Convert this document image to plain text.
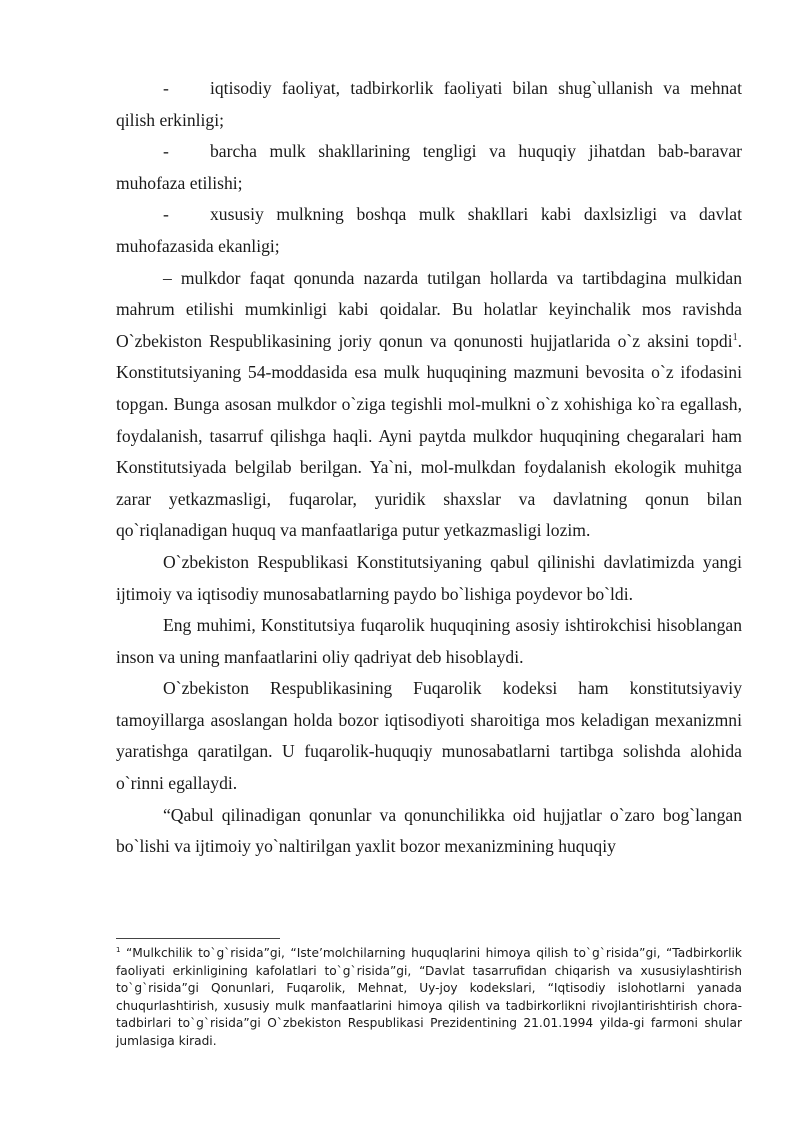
- iqtisodiy faoliyat, tadbirkorlik faoliyati bilan shug`ullanish va mehnat qilish erkinligi;

- barcha mulk shakllarining tengligi va huquqiy jihatdan bab-baravar muhofaza etilishi;

- xususiy mulkning boshqa mulk shakllari kabi daxlsizligi va davlat muhofazasida ekanligi;

– mulkdor faqat qonunda nazarda tutilgan hollarda va tartibdagina mulkidan mahrum etilishi mumkinligi kabi qoidalar. Bu holatlar keyinchalik mos ravishda O`zbekiston Respublikasining joriy qonun va qonunosti hujjatlarida o`z aksini topdi$^1$. Konstitutsiyaning 54-moddasida esa mulk huquqining mazmuni bevosita o`z ifodasini topgan. Bunga asosan mulkdor o`ziga tegishli mol-mulkni o`z xohishiga ko`ra egallash, foydalanish, tasarruf qilishga haqli. Ayni paytda mulkdor huquqining chegaralari ham Konstitutsiyada belgilab berilgan. Ya`ni, mol-mulkdan foydalanish ekologik muhitga zarar yetkazmasligi, fuqarolar, yuridik shaxslar va davlatning qonun bilan qo`riqlanadigan huquq va manfaatlariga putur yetkazmasligi lozim.

O`zbekiston Respublikasi Konstitutsiyaning qabul qilinishi davlatimizda yangi ijtimoiy va iqtisodiy munosabatlarning paydo bo`lishiga poydevor bo`ldi.

Eng muhimi, Konstitutsiya fuqarolik huquqining asosiy ishtirokchisi hisoblangan inson va uning manfaatlarini oliy qadriyat deb hisoblaydi.

O`zbekiston Respublikasining Fuqarolik kodeksi ham konstitutsiyaviy tamoyillarga asoslangan holda bozor iqtisodiyoti sharoitiga mos keladigan mexanizmni yaratishga qaratilgan. U fuqarolik-huquqiy munosabatlarni tartibga solishda alohida o`rinni egallaydi.

“Qabul qilinadigan qonunlar va qonunchilikka oid hujjatlar o`zaro bog`langan bo`lishi va ijtimoiy yo`naltirilgan yaxlit bozor mexanizmining huquqiy

$^1$ “Mulkchilik to`g`risida”gi, “Iste’molchilarning huquqlarini himoya qilish to`g`risida”gi, “Tadbirkorlik faoliyati erkinligining kafolatlari to`g`risida”gi, “Davlat tasarrufidan chiqarish va xususiylashtirish to`g`risida”gi Qonunlari, Fuqarolik, Mehnat, Uy-joy kodekslari, “Iqtisodiy islohotlarni yanada chuqurlashtirish, xususiy mulk manfaatlarini himoya qilish va tadbirkorlikni rivojlantirishtirish chora-tadbirlari to`g`risida”gi O`zbekiston Respublikasi Prezidentining 21.01.1994 yilda-gi farmoni shular jumlasiga kiradi.
